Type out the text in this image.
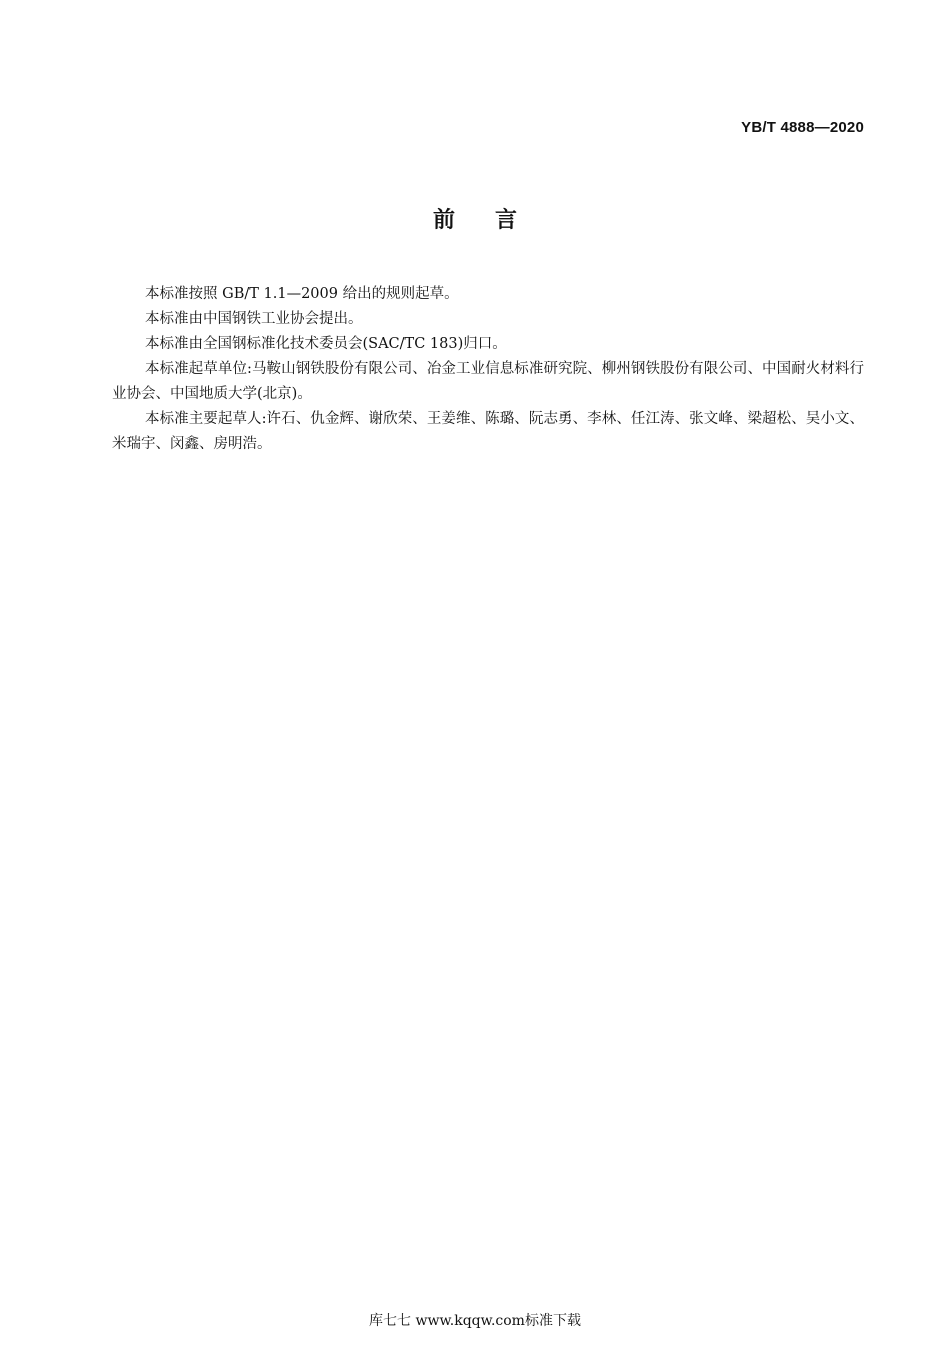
YB/T 4888—2020
前言

本标准按照 GB/T 1.1—2009 给出的规则起草。

本标准由中国钢铁工业协会提出。

本标准由全国钢标准化技术委员会(SAC/TC 183)归口。

本标准起草单位:马鞍山钢铁股份有限公司、冶金工业信息标准研究院、柳州钢铁股份有限公司、中国耐火材料行业协会、中国地质大学(北京)。

本标准主要起草人:许石、仇金辉、谢欣荣、王姜维、陈璐、阮志勇、李林、任江涛、张文峰、梁超松、吴小文、米瑞宇、闵鑫、房明浩。

库七七 www.kqqw.com标准下载
